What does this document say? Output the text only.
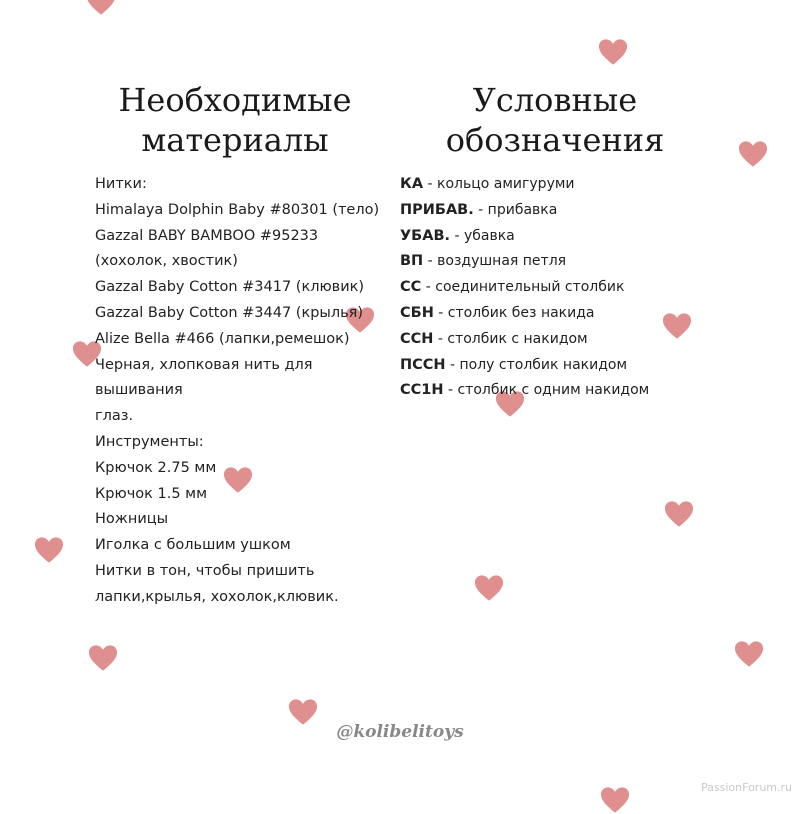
Необходимые
материалы
Условные
обозначения
Нитки:
Himalaya Dolphin Baby #80301 (тело)
Gazzal BABY BAMBOO #95233
(хохолок, хвостик)
Gazzal Baby Cotton #3417 (клювик)
Gazzal Baby Cotton #3447 (крылья)
Alize Bella #466 (лапки,ремешок)
Черная, хлопковая нить для вышивания
глаз.
Инструменты:
Крючок 2.75 мм
Крючок 1.5 мм
Ножницы
Иголка с большим ушком
Нитки в тон, чтобы пришить
лапки,крылья, хохолок,клювик.
КА - кольцо амигуруми
ПРИБАВ. - прибавка
УБАВ. - убавка
ВП - воздушная петля
СС - соединительный столбик
СБН - столбик без накида
ССН - столбик с накидом
ПССН - полу столбик накидом
СС1Н - столбик с одним накидом
@kolibelitoys
PassionForum.ru
